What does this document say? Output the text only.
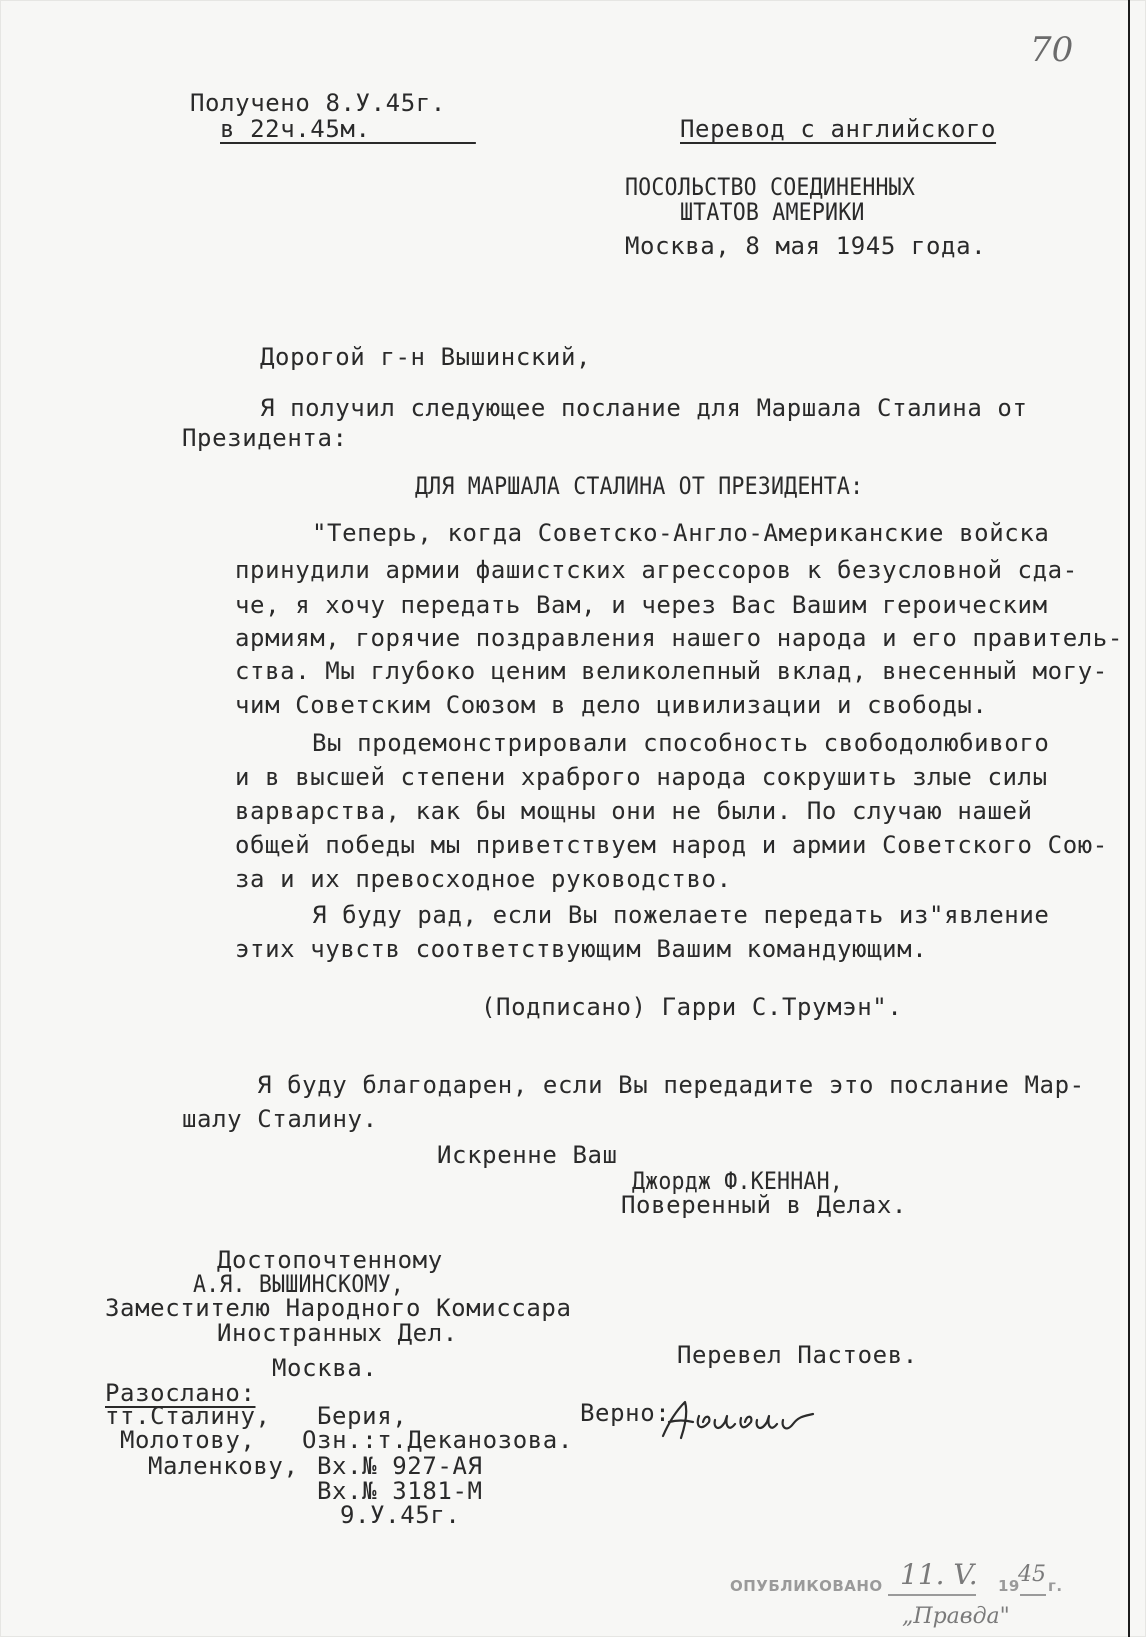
70
Получено 8.У.45г.
в 22ч.45м.	Перевод с английского
ПОСОЛЬСТВО СОЕДИНЕННЫХ
ШТАТОВ АМЕРИКИ
Москва, 8 мая 1945 года.
Дорогой г-н Вышинский,
Я получил следующее послание для Маршала Сталина от
Президента:
ДЛЯ МАРШАЛА СТАЛИНА ОТ ПРЕЗИДЕНТА:
"Теперь, когда Советско-Англо-Американские войска
принудили армии фашистских агрессоров к безусловной сда-
че, я хочу передать Вам, и через Вас Вашим героическим
армиям, горячие поздравления нашего народа и его правитель-
ства. Мы глубоко ценим великолепный вклад, внесенный могу-
чим Советским Союзом в дело цивилизации и свободы.
Вы продемонстрировали способность свободолюбивого
и в высшей степени храброго народа сокрушить злые силы
варварства, как бы мощны они не были. По случаю нашей
общей победы мы приветствуем народ и армии Советского Сою-
за и их превосходное руководство.
Я буду рад, если Вы пожелаете передать из"явление
этих чувств соответствующим Вашим командующим.
(Подписано) Гарри С.Трумэн".
Я буду благодарен, если Вы передадите это послание Мар-
шалу Сталину.
Искренне Ваш
Джордж Ф.КЕННАН,
Поверенный в Делах.
Достопочтенному
А.Я. ВЫШИНСКОМУ,
Заместителю Народного Комиссара
Иностранных Дел.
Москва.	Перевел Пастоев.
Разослано:
тт.Сталину,
Молотову,
Маленкову,
Берия,
Озн.:т.Деканозова.
Вх.№ 927-АЯ
Вх.№ 3181-М
9.У.45г.
Верно:
ОПУБЛИКОВАНО 11. V. 19
45 г.
„Правда"
